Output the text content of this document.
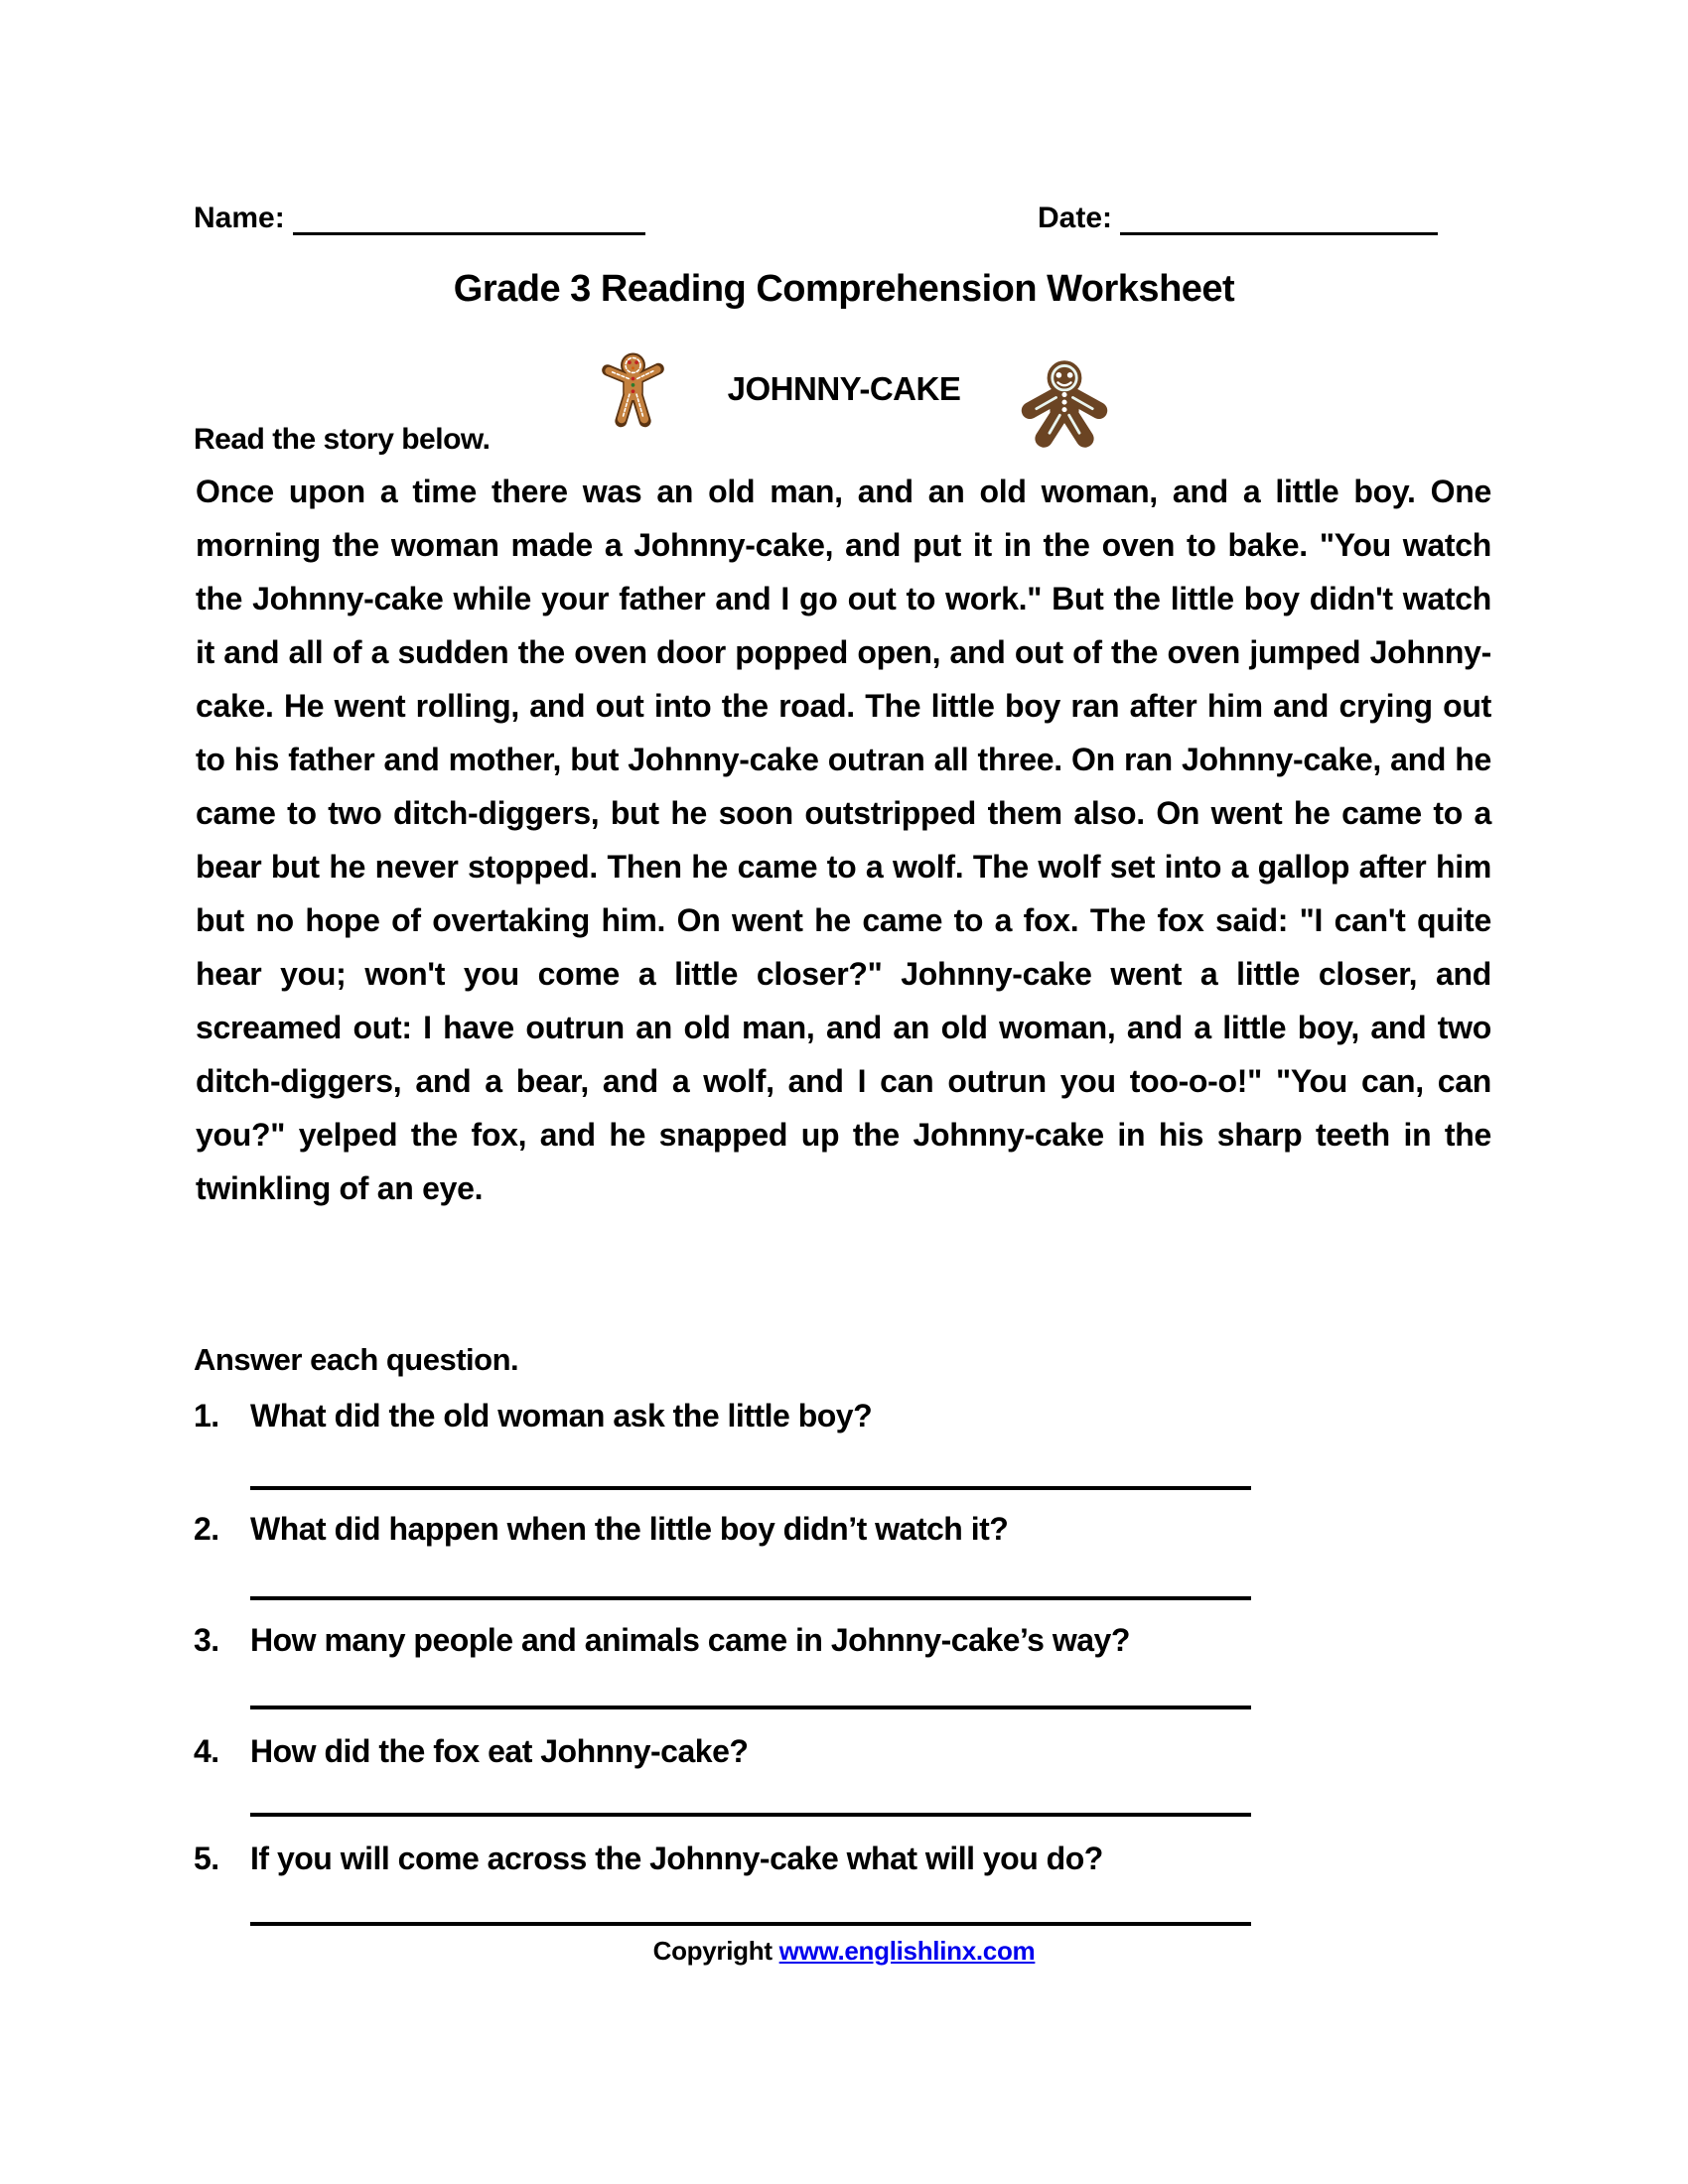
Name:	Date:
Grade 3 Reading Comprehension Worksheet
JOHNNY-CAKE
Read the story below.
Once upon a time there was an old man, and an old woman, and a little boy. One morning the woman made a Johnny-cake, and put it in the oven to bake. "You watch the Johnny-cake while your father and I go out to work." But the little boy didn't watch it and all of a sudden the oven door popped open, and out of the oven jumped Johnny-cake. He went rolling, and out into the road. The little boy ran after him and crying out to his father and mother, but Johnny-cake outran all three. On ran Johnny-cake, and he came to two ditch-diggers, but he soon outstripped them also. On went he came to a bear but he never stopped. Then he came to a wolf. The wolf set into a gallop after him but no hope of overtaking him. On went he came to a fox. The fox said: "I can't quite hear you; won't you come a little closer?" Johnny-cake went a little closer, and screamed out: I have outrun an old man, and an old woman, and a little boy, and two ditch-diggers, and a bear, and a wolf, and I can outrun you too-o-o!" "You can, can you?" yelped the fox, and he snapped up the Johnny-cake in his sharp teeth in the twinkling of an eye.
Answer each question.
1. What did the old woman ask the little boy?
2. What did happen when the little boy didn’t watch it?
3. How many people and animals came in Johnny-cake’s way?
4. How did the fox eat Johnny-cake?
5. If you will come across the Johnny-cake what will you do?
Copyright www.englishlinx.com
